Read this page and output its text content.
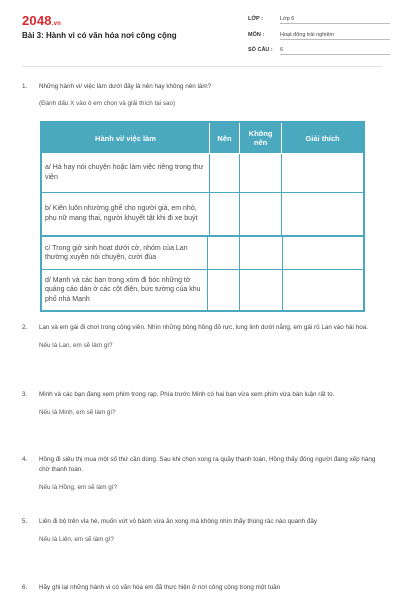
2048.vn
Bài 3: Hành vi có văn hóa nơi công cộng
LỚP :	Lớp 6
MÔN :	Hoạt động trải nghiệm
SỐ CÂU : 6
1. Những hành vi/ việc làm dưới đây là nên hay không nên làm?
(Đánh dấu X vào ô em chọn và giải thích tại sao)
Hành vi/ việc làm	Nên	Không nên	Giải thích
a/ Hà hay nói chuyện hoặc làm việc riêng trong thư viện			
b/ Kiên luôn nhường ghế cho người già, em nhỏ, phụ nữ mang thai, người khuyết tật khi đi xe buýt			
c/ Trong giờ sinh hoạt dưới cờ, nhóm của Lan thường xuyên nói chuyện, cười đùa			
d/ Mạnh và các bạn trong xóm đi bóc những tờ quảng cáo dán ở các cột điện, bức tường của khu phố nhà Mạnh			
2. Lan và em gái đi chơi trong công viên. Nhìn những bông hồng đỏ rực, lung linh dưới nắng, em gái rủ Lan vào hái hoa.
Nếu là Lan, em sẽ làm gì?
3. Minh và các bạn đang xem phim trong rạp. Phía trước Minh có hai bạn vừa xem phim vừa bàn luận rất to.
Nếu là Minh, em sẽ làm gì?
4. Hồng đi siêu thị mua một số thứ cần dùng. Sau khi chọn xong ra quầy thanh toán, Hồng thấy đông người đang xếp hàng chờ thanh toán.
Nếu là Hồng, em sẽ làm gì?
5. Liên đi bộ trên vỉa hè, muốn vứt vỏ bánh vừa ăn xong mà không nhìn thấy thùng rác nào quanh đây
Nếu là Liên, em sẽ làm gì?
6. Hãy ghi lại những hành vi có văn hóa em đã thực hiện ở nơi công cộng trong một tuần
